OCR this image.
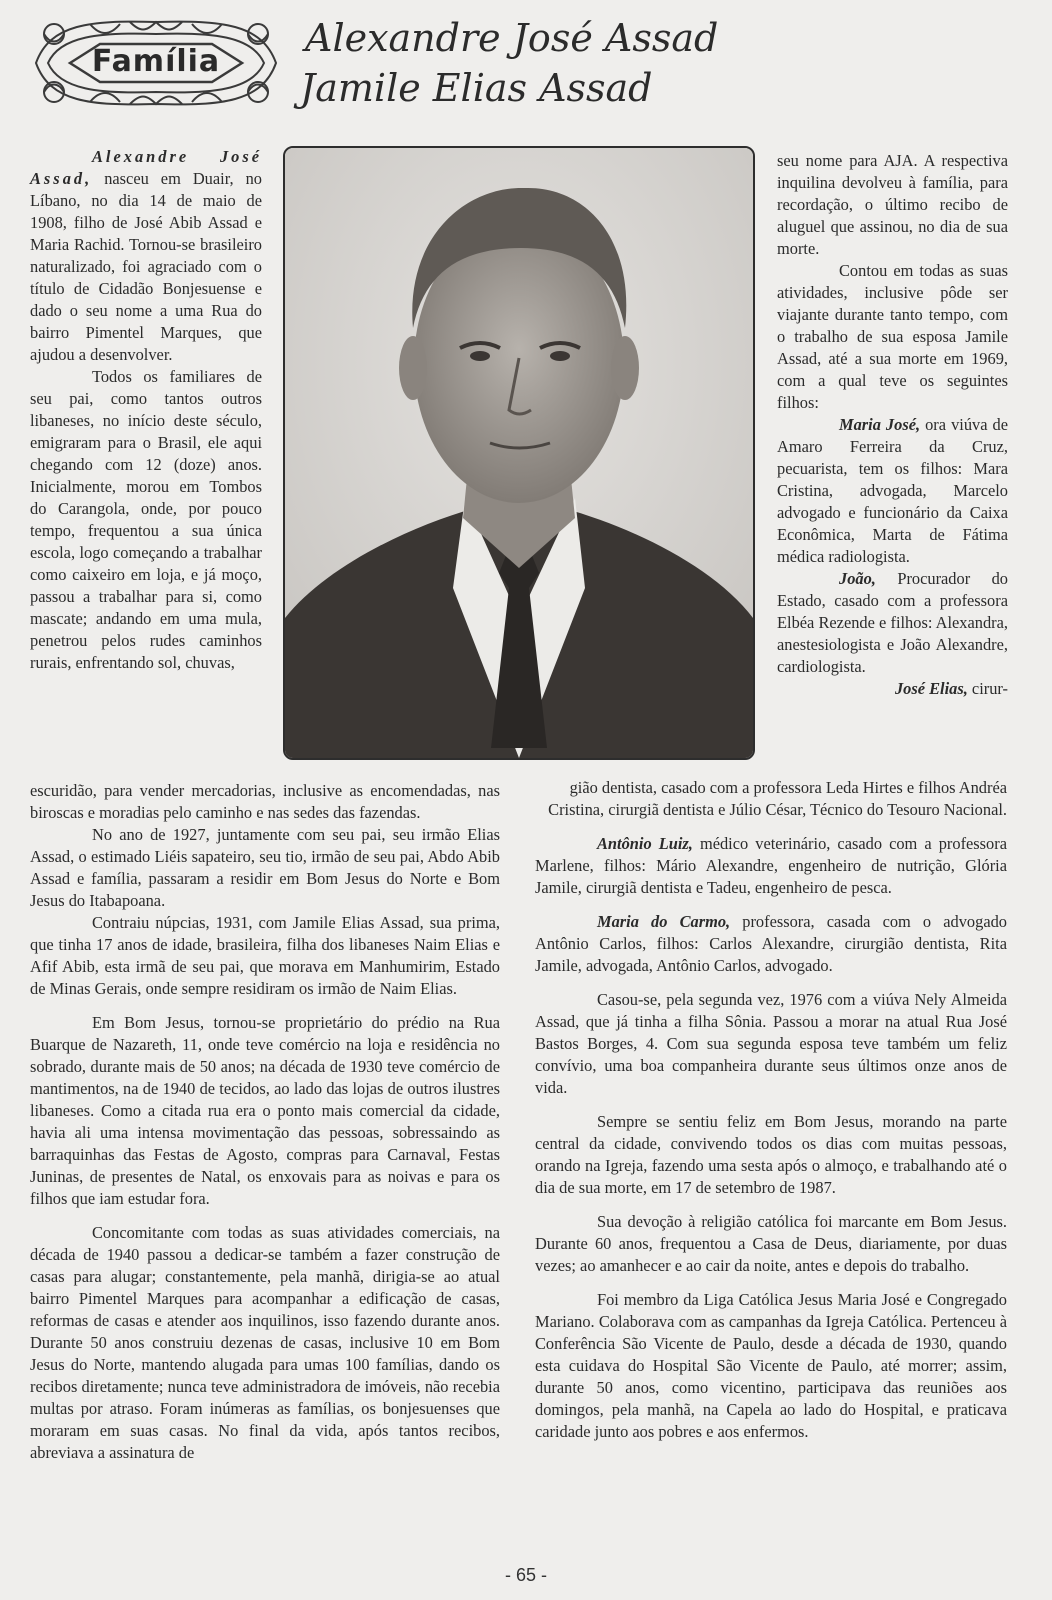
Família
Alexandre José Assad
Jamile Elias Assad

Alexandre José Assad, nasceu em Duair, no Líbano, no dia 14 de maio de 1908, filho de José Abib Assad e Maria Rachid. Tornou-se brasileiro naturalizado, foi agraciado com o título de Cidadão Bonjesuense e dado o seu nome a uma Rua do bairro Pimentel Marques, que ajudou a desenvolver.

Todos os familiares de seu pai, como tantos outros libaneses, no início deste século, emigraram para o Brasil, ele aqui chegando com 12 (doze) anos. Inicialmente, morou em Tombos do Carangola, onde, por pouco tempo, frequentou a sua única escola, logo começando a trabalhar como caixeiro em loja, e já moço, passou a trabalhar para si, como mascate; andando em uma mula, penetrou pelos rudes caminhos rurais, enfrentando sol, chuvas,

seu nome para AJA. A respectiva inquilina devolveu à família, para recordação, o último recibo de aluguel que assinou, no dia de sua morte.

Contou em todas as suas atividades, inclusive pôde ser viajante durante tanto tempo, com o trabalho de sua esposa Jamile Assad, até a sua morte em 1969, com a qual teve os seguintes filhos:

Maria José, ora viúva de Amaro Ferreira da Cruz, pecuarista, tem os filhos: Mara Cristina, advogada, Marcelo advogado e funcionário da Caixa Econômica, Marta de Fátima médica radiologista.

João, Procurador do Estado, casado com a professora Elbéa Rezende e filhos: Alexandra, anestesiologista e João Alexandre, cardiologista.

José Elias, cirur-

escuridão, para vender mercadorias, inclusive as encomendadas, nas biroscas e moradias pelo caminho e nas sedes das fazendas.

No ano de 1927, juntamente com seu pai, seu irmão Elias Assad, o estimado Liéis sapateiro, seu tio, irmão de seu pai, Abdo Abib Assad e família, passaram a residir em Bom Jesus do Norte e Bom Jesus do Itabapoana.

Contraiu núpcias, 1931, com Jamile Elias Assad, sua prima, que tinha 17 anos de idade, brasileira, filha dos libaneses Naim Elias e Afif Abib, esta irmã de seu pai, que morava em Manhumirim, Estado de Minas Gerais, onde sempre residiram os irmão de Naim Elias.

Em Bom Jesus, tornou-se proprietário do prédio na Rua Buarque de Nazareth, 11, onde teve comércio na loja e residência no sobrado, durante mais de 50 anos; na década de 1930 teve comércio de mantimentos, na de 1940 de tecidos, ao lado das lojas de outros ilustres libaneses. Como a citada rua era o ponto mais comercial da cidade, havia ali uma intensa movimentação das pessoas, sobressaindo as barraquinhas das Festas de Agosto, compras para Carnaval, Festas Juninas, de presentes de Natal, os enxovais para as noivas e para os filhos que iam estudar fora.

Concomitante com todas as suas atividades comerciais, na década de 1940 passou a dedicar-se também a fazer construção de casas para alugar; constantemente, pela manhã, dirigia-se ao atual bairro Pimentel Marques para acompanhar a edificação de casas, reformas de casas e atender aos inquilinos, isso fazendo durante anos. Durante 50 anos construiu dezenas de casas, inclusive 10 em Bom Jesus do Norte, mantendo alugada para umas 100 famílias, dando os recibos diretamente; nunca teve administradora de imóveis, não recebia multas por atraso. Foram inúmeras as famílias, os bonjesuenses que moraram em suas casas. No final da vida, após tantos recibos, abreviava a assinatura de

gião dentista, casado com a professora Leda Hirtes e filhos Andréa Cristina, cirurgiã dentista e Júlio César, Técnico do Tesouro Nacional.

Antônio Luiz, médico veterinário, casado com a professora Marlene, filhos: Mário Alexandre, engenheiro de nutrição, Glória Jamile, cirurgiã dentista e Tadeu, engenheiro de pesca.

Maria do Carmo, professora, casada com o advogado Antônio Carlos, filhos: Carlos Alexandre, cirurgião dentista, Rita Jamile, advogada, Antônio Carlos, advogado.

Casou-se, pela segunda vez, 1976 com a viúva Nely Almeida Assad, que já tinha a filha Sônia. Passou a morar na atual Rua José Bastos Borges, 4. Com sua segunda esposa teve também um feliz convívio, uma boa companheira durante seus últimos onze anos de vida.

Sempre se sentiu feliz em Bom Jesus, morando na parte central da cidade, convivendo todos os dias com muitas pessoas, orando na Igreja, fazendo uma sesta após o almoço, e trabalhando até o dia de sua morte, em 17 de setembro de 1987.

Sua devoção à religião católica foi marcante em Bom Jesus. Durante 60 anos, frequentou a Casa de Deus, diariamente, por duas vezes; ao amanhecer e ao cair da noite, antes e depois do trabalho.

Foi membro da Liga Católica Jesus Maria José e Congregado Mariano. Colaborava com as campanhas da Igreja Católica. Pertenceu à Conferência São Vicente de Paulo, desde a década de 1930, quando esta cuidava do Hospital São Vicente de Paulo, até morrer; assim, durante 50 anos, como vicentino, participava das reuniões aos domingos, pela manhã, na Capela ao lado do Hospital, e praticava caridade junto aos pobres e aos enfermos.

- 65 -
